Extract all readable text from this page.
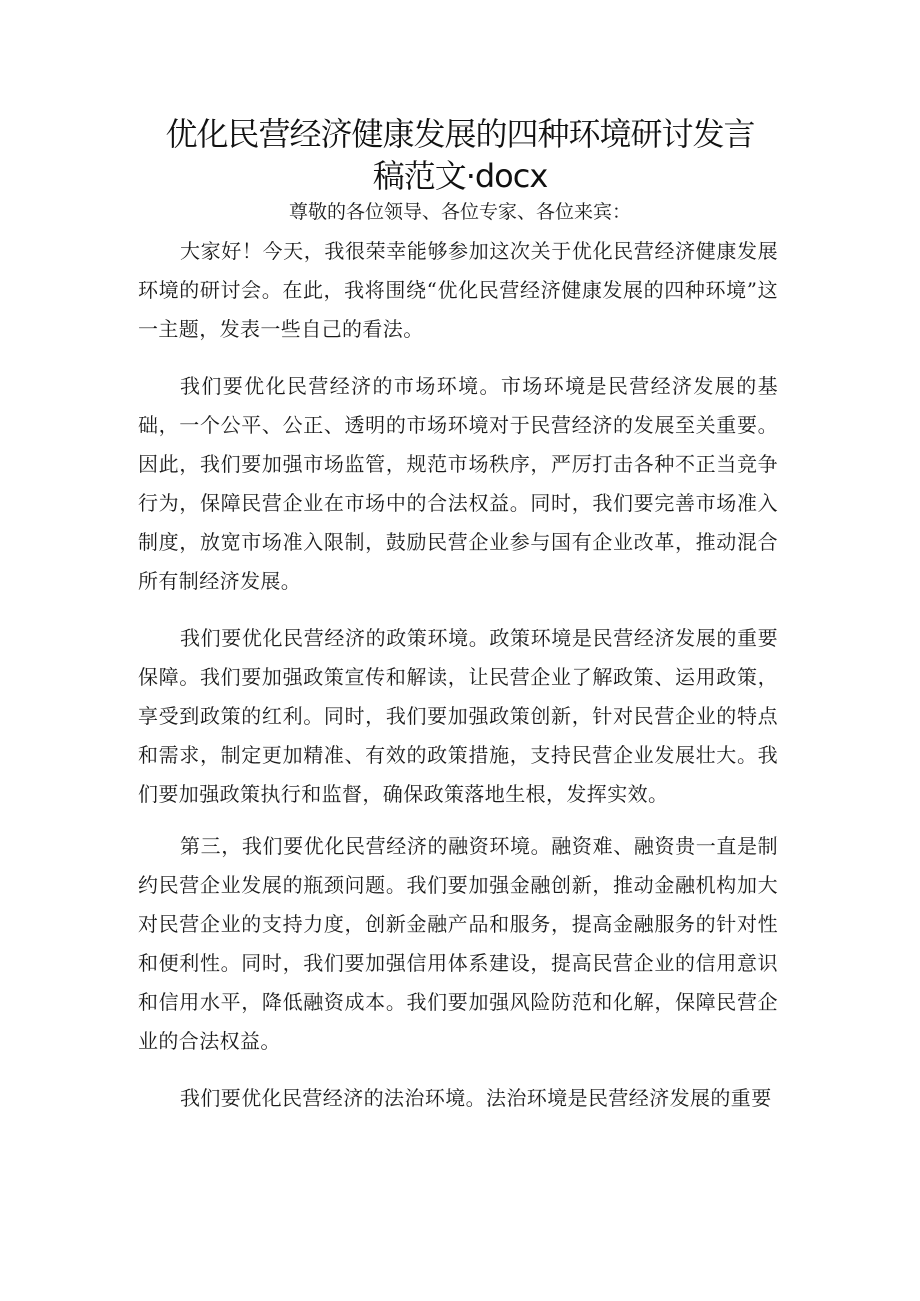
优化民营经济健康发展的四种环境研讨发言
稿范文·docx

尊敬的各位领导、各位专家、各位来宾：

大家好！今天，我很荣幸能够参加这次关于优化民营经济健康发展环境的研讨会。在此，我将围绕“优化民营经济健康发展的四种环境”这一主题，发表一些自己的看法。

我们要优化民营经济的市场环境。市场环境是民营经济发展的基础，一个公平、公正、透明的市场环境对于民营经济的发展至关重要。因此，我们要加强市场监管，规范市场秩序，严厉打击各种不正当竞争行为，保障民营企业在市场中的合法权益。同时，我们要完善市场准入制度，放宽市场准入限制，鼓励民营企业参与国有企业改革，推动混合所有制经济发展。

我们要优化民营经济的政策环境。政策环境是民营经济发展的重要保障。我们要加强政策宣传和解读，让民营企业了解政策、运用政策，享受到政策的红利。同时，我们要加强政策创新，针对民营企业的特点和需求，制定更加精准、有效的政策措施，支持民营企业发展壮大。我们要加强政策执行和监督，确保政策落地生根，发挥实效。

第三，我们要优化民营经济的融资环境。融资难、融资贵一直是制约民营企业发展的瓶颈问题。我们要加强金融创新，推动金融机构加大对民营企业的支持力度，创新金融产品和服务，提高金融服务的针对性和便利性。同时，我们要加强信用体系建设，提高民营企业的信用意识和信用水平，降低融资成本。我们要加强风险防范和化解，保障民营企业的合法权益。

我们要优化民营经济的法治环境。法治环境是民营经济发展的重要
